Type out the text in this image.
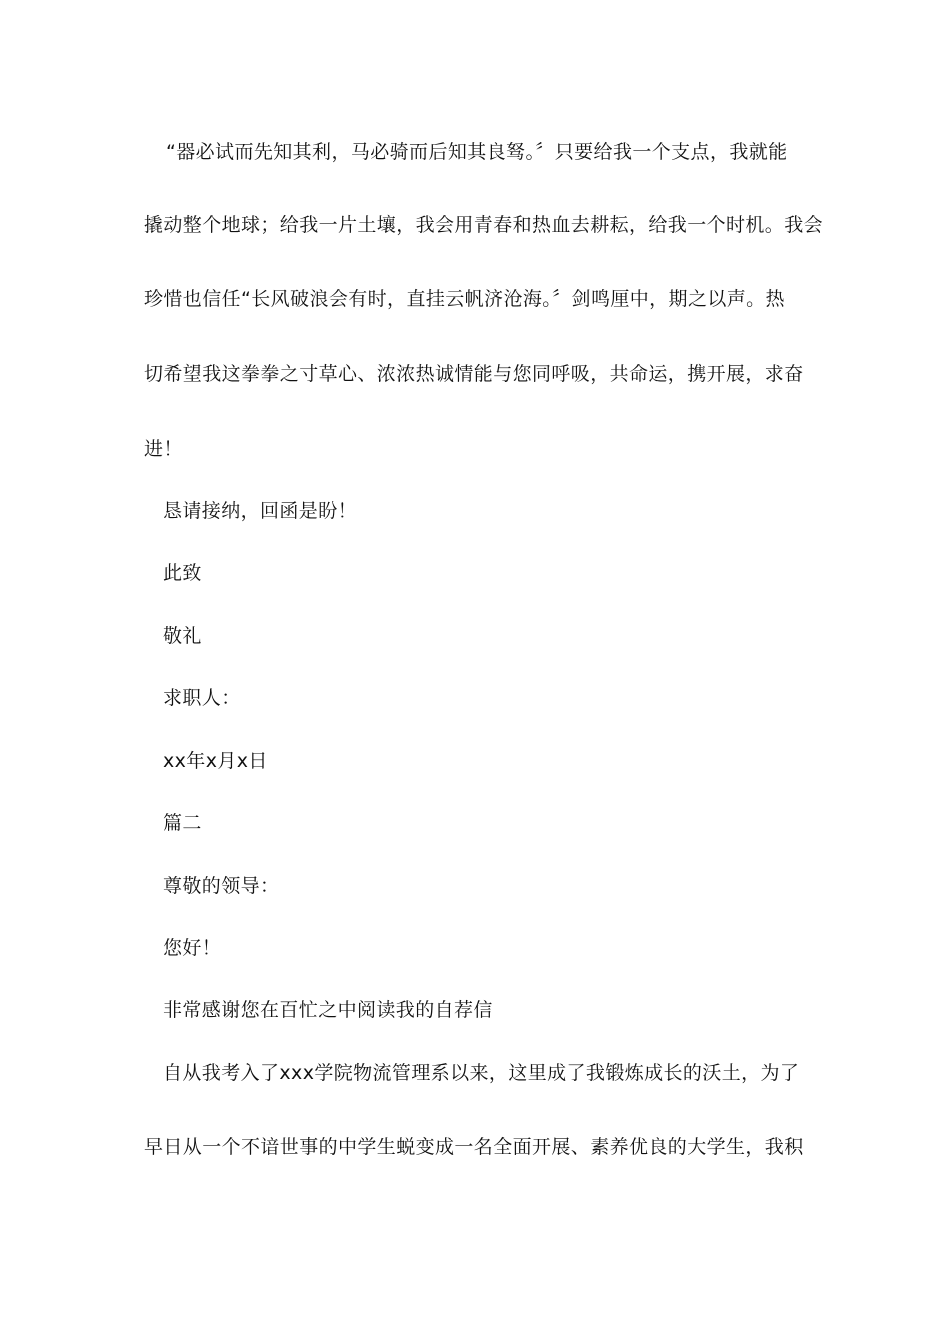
“器必试而先知其利，马必骑而后知其良驽。〞只要给我一个支点，我就能
撬动整个地球；给我一片土壤，我会用青春和热血去耕耘，给我一个时机。我会
珍惜也信任“长风破浪会有时，直挂云帆济沧海。〞剑鸣厘中，期之以声。热
切希望我这拳拳之寸草心、浓浓热诚情能与您同呼吸，共命运，携开展，求奋
进！
恳请接纳，回函是盼！
此致
敬礼
求职人：
xx年x月x日
篇二
尊敬的领导：
您好！
非常感谢您在百忙之中阅读我的自荐信
自从我考入了xxx学院物流管理系以来，这里成了我锻炼成长的沃土，为了
早日从一个不谙世事的中学生蜕变成一名全面开展、素养优良的大学生，我积
